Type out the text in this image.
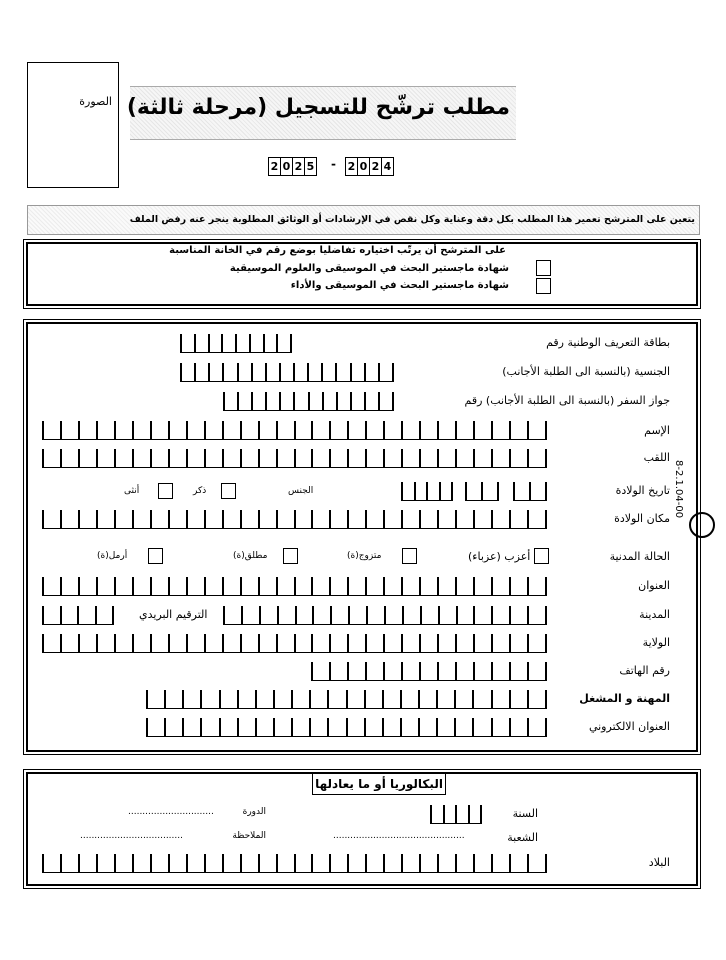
الصورة مطلب ترشّح للتسجيل (مرحلة ثالثة)
2 0 2 5 - 2 0 2 4
يتعين على المترشح تعمير هذا المطلب بكل دقة وعناية وكل نقص في الإرشادات أو الوثائق المطلوبة ينجر عنه رفض الملف
على المترشح أن يرتّب اختياره تفاضليا بوضع رقم في الخانة المناسبة
شهادة ماجستير البحث في الموسيقى والعلوم الموسيقية
شهادة ماجستير البحث في الموسيقى والأداء
بطاقة التعريف الوطنية رقم
الجنسية (بالنسبة الى الطلبة الأجانب)
جواز السفر (بالنسبة الى الطلبة الأجانب) رقم
الإسم
اللقب
تاريخ الولادة
مكان الولادة
الحالة المدنية
العنوان
المدينة
الولاية
رقم الهاتف
المهنة و المشغل
العنوان الالكتروني
الجنس
ذكر
أنثى
أعزب (عزباء)
متزوج(ة)
مطلق(ة)
أرمل(ة)
الترقيم البريدي
البكالوريا أو ما يعادلها
السنة
الدورة
..............................
الشعبة
..............................................
الملاحظة
....................................
البلاد
8-2.1.04-00
